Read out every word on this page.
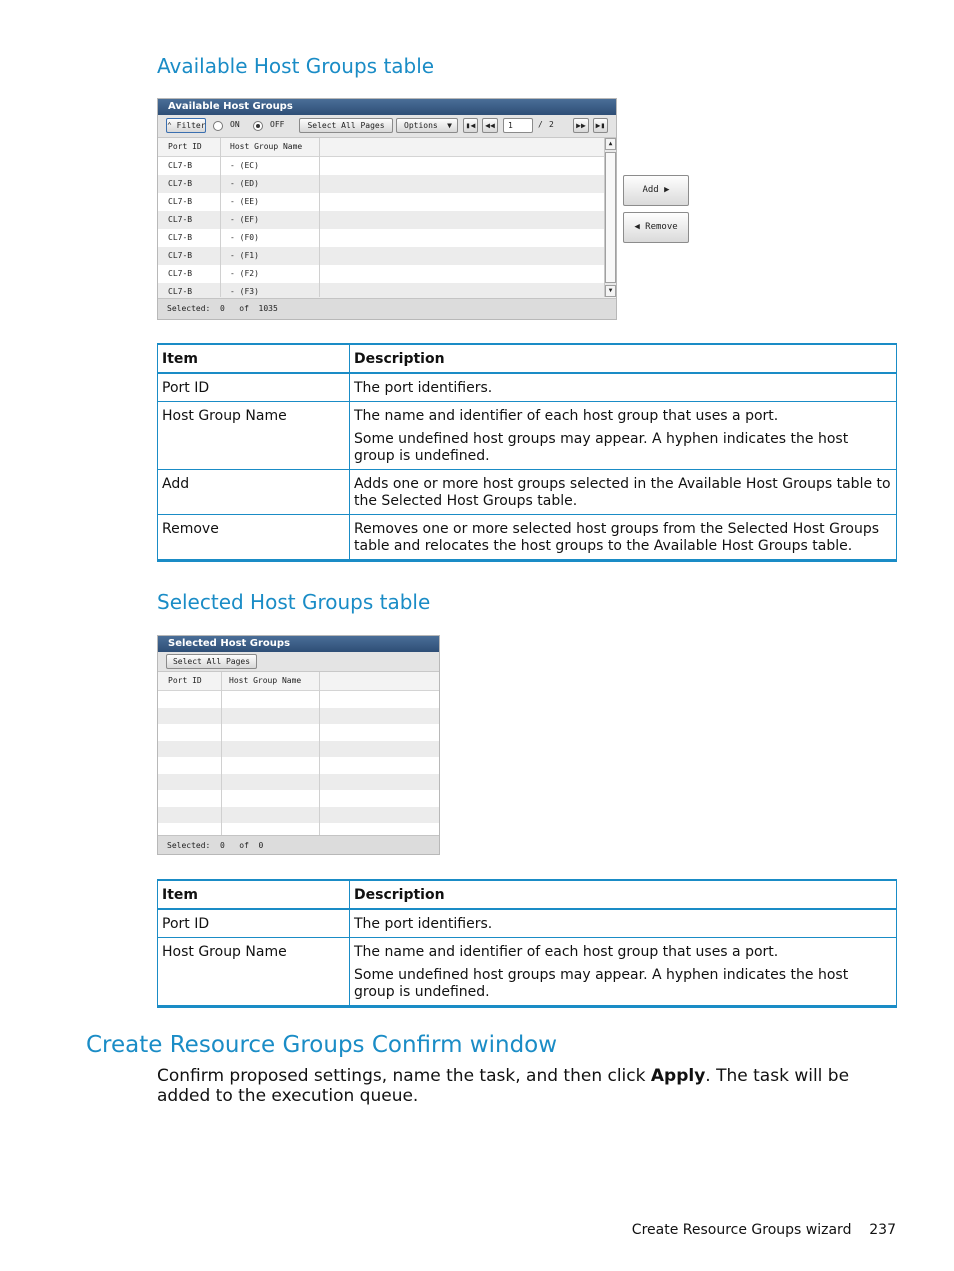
Available Host Groups table
Available Host Groups
⌃ Filter	ON	OFF	Select All Pages	Options ▼	▮◀	◀◀	1	/ 2	▶▶	▶▮
Port ID	Host Group Name
CL7-B	- (EC)
CL7-B	- (ED)
CL7-B	- (EE)
CL7-B	- (EF)
CL7-B	- (F0)
CL7-B	- (F1)
CL7-B	- (F2)
CL7-B	- (F3)
▲
▼
Selected:  0   of  1035
Add ▶
◀ Remove
Item	Description
Port ID	The port identifiers.

Host Group Name	The name and identifier of each host group that uses a port.

Some undefined host groups may appear. A hyphen indicates the host group is undefined.

Add	Adds one or more host groups selected in the Available Host Groups table to the Selected Host Groups table.

Remove	Removes one or more selected host groups from the Selected Host Groups table and relocates the host groups to the Available Host Groups table.

Selected Host Groups table
Selected Host Groups
Select All Pages
Port ID	Host Group Name
Selected:  0   of  0
Item	Description
Port ID	The port identifiers.

Host Group Name	The name and identifier of each host group that uses a port.

Some undefined host groups may appear. A hyphen indicates the host group is undefined.

Create Resource Groups Confirm window
Confirm proposed settings, name the task, and then click Apply. The task will be added to the execution queue.
Create Resource Groups wizard 237
